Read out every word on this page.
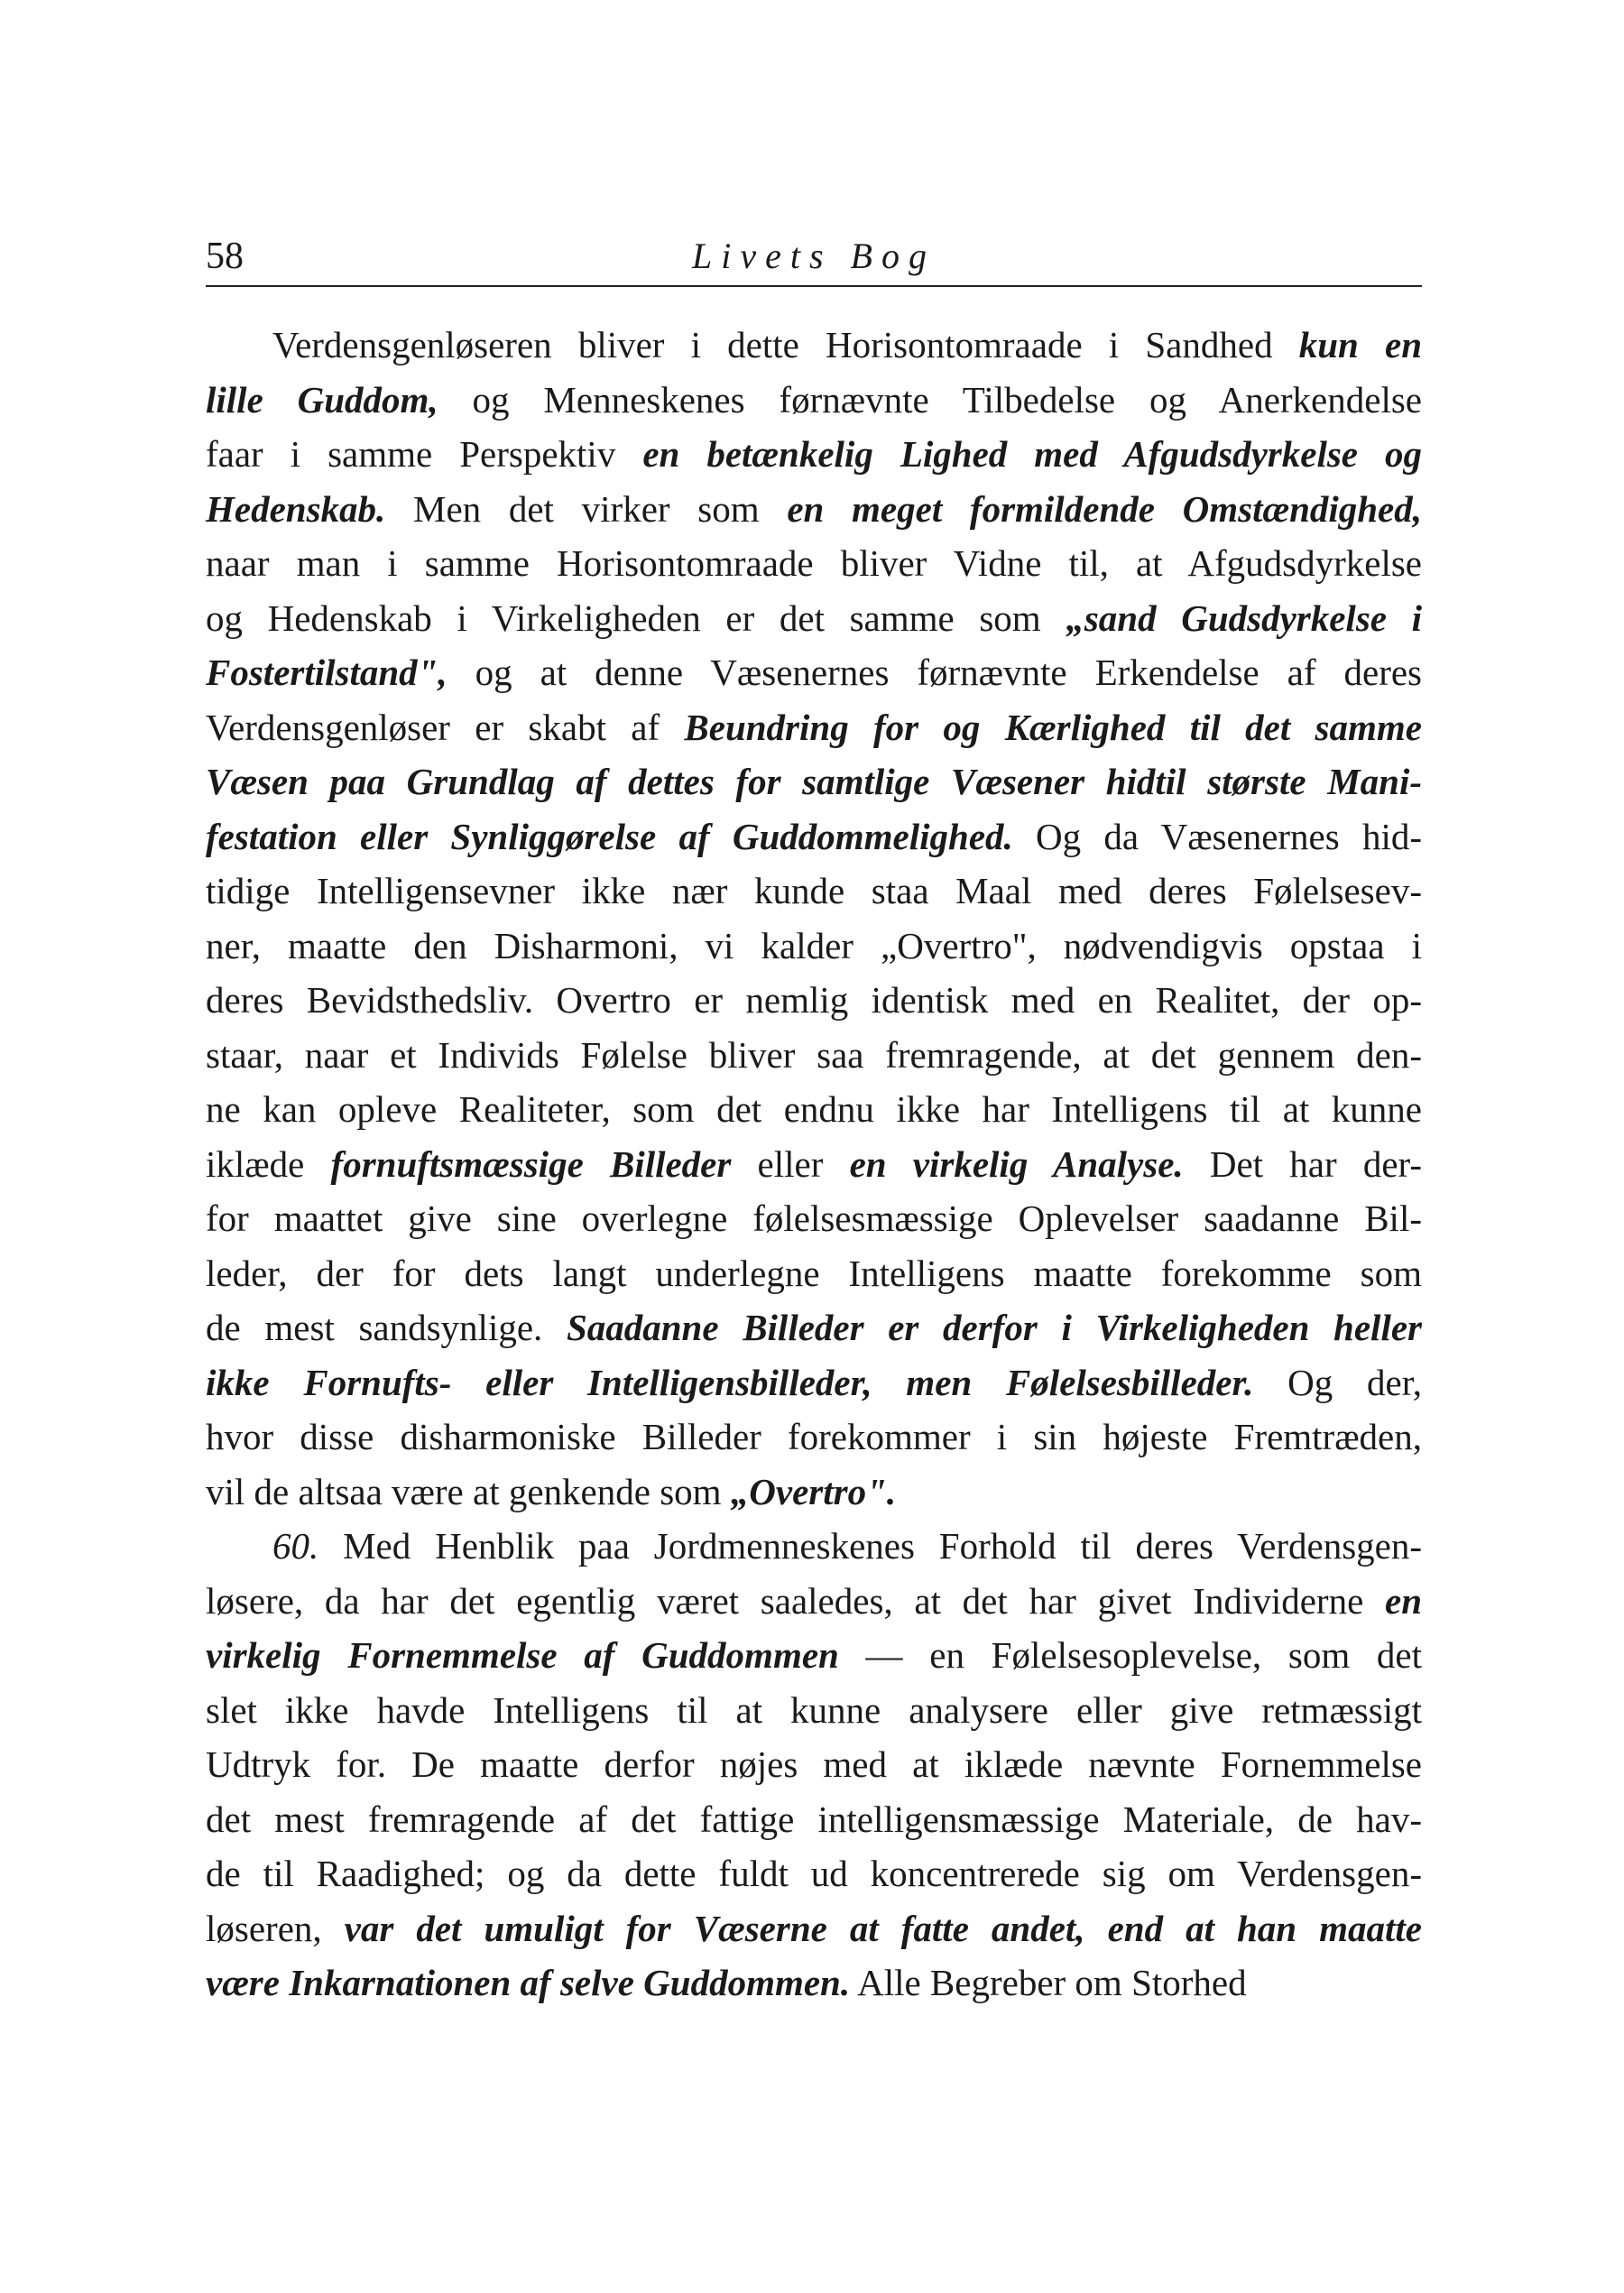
58	Livets Bog

Verdensgenløseren bliver i dette Horisontomraade i Sandhed kun en
lille Guddom, og Menneskenes førnævnte Tilbedelse og Anerkendelse
faar i samme Perspektiv en betænkelig Lighed med Afgudsdyrkelse og
Hedenskab. Men det virker som en meget formildende Omstændighed,
naar man i samme Horisontomraade bliver Vidne til, at Afgudsdyrkelse
og Hedenskab i Virkeligheden er det samme som „sand Gudsdyrkelse i
Fostertilstand", og at denne Væsenernes førnævnte Erkendelse af deres
Verdensgenløser er skabt af Beundring for og Kærlighed til det samme
Væsen paa Grundlag af dettes for samtlige Væsener hidtil største Mani-
festation eller Synliggørelse af Guddommelighed. Og da Væsenernes hid-
tidige Intelligensevner ikke nær kunde staa Maal med deres Følelsesev-
ner, maatte den Disharmoni, vi kalder „Overtro", nødvendigvis opstaa i
deres Bevidsthedsliv. Overtro er nemlig identisk med en Realitet, der op-
staar, naar et Individs Følelse bliver saa fremragende, at det gennem den-
ne kan opleve Realiteter, som det endnu ikke har Intelligens til at kunne
iklæde fornuftsmæssige Billeder eller en virkelig Analyse. Det har der-
for maattet give sine overlegne følelsesmæssige Oplevelser saadanne Bil-
leder, der for dets langt underlegne Intelligens maatte forekomme som
de mest sandsynlige. Saadanne Billeder er derfor i Virkeligheden heller
ikke Fornufts- eller Intelligensbilleder, men Følelsesbilleder. Og der,
hvor disse disharmoniske Billeder forekommer i sin højeste Fremtræden,
vil de altsaa være at genkende som „Overtro".

60. Med Henblik paa Jordmenneskenes Forhold til deres Verdensgen-
løsere, da har det egentlig været saaledes, at det har givet Individerne en
virkelig Fornemmelse af Guddommen — en Følelsesoplevelse, som det
slet ikke havde Intelligens til at kunne analysere eller give retmæssigt
Udtryk for. De maatte derfor nøjes med at iklæde nævnte Fornemmelse
det mest fremragende af det fattige intelligensmæssige Materiale, de hav-
de til Raadighed; og da dette fuldt ud koncentrerede sig om Verdensgen-
løseren, var det umuligt for Væserne at fatte andet, end at han maatte
være Inkarnationen af selve Guddommen. Alle Begreber om Storhed
